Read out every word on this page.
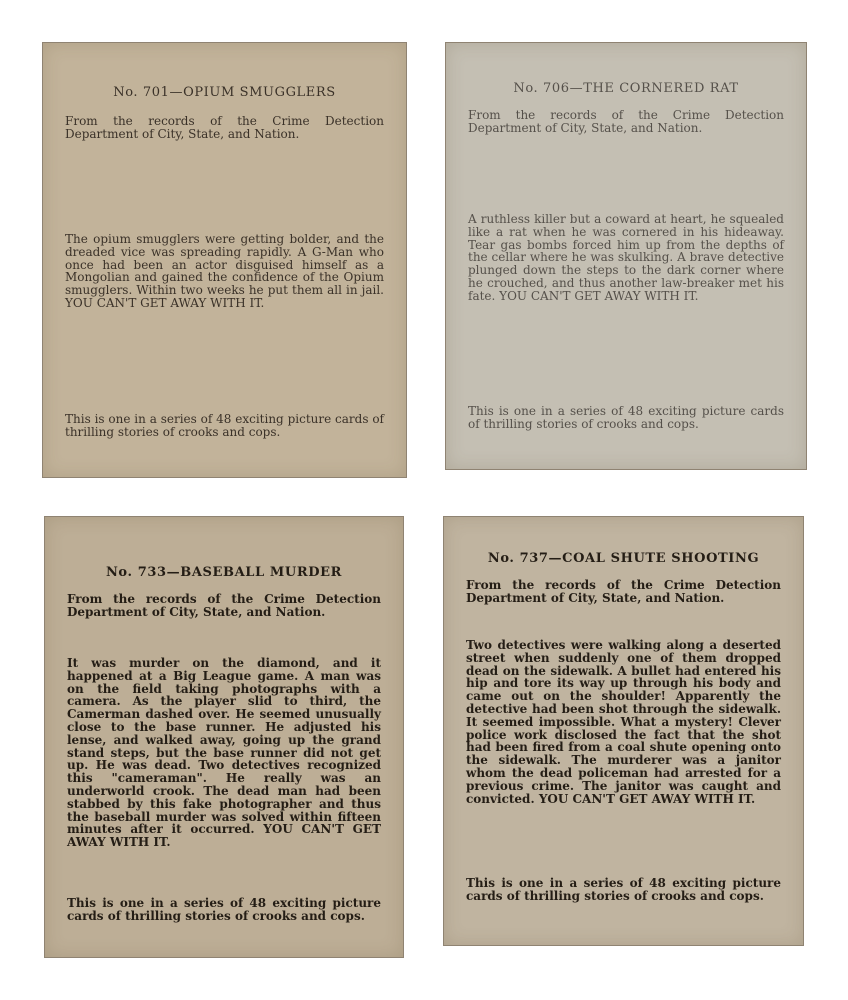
No. 701—OPIUM SMUGGLERS
From the records of the Crime Detection Department of City, State, and Nation.
The opium smugglers were getting bolder, and the dreaded vice was spreading rapidly. A G-Man who once had been an actor disguised himself as a Mongolian and gained the confidence of the Opium smugglers. Within two weeks he put them all in jail. YOU CAN'T GET AWAY WITH IT.
This is one in a series of 48 exciting picture cards of thrilling stories of crooks and cops.
No. 706—THE CORNERED RAT
From the records of the Crime Detection Department of City, State, and Nation.
A ruthless killer but a coward at heart, he squealed like a rat when he was cornered in his hideaway. Tear gas bombs forced him up from the depths of the cellar where he was skulking. A brave detective plunged down the steps to the dark corner where he crouched, and thus another law-breaker met his fate. YOU CAN'T GET AWAY WITH IT.
This is one in a series of 48 exciting picture cards of thrilling stories of crooks and cops.
No. 733—BASEBALL MURDER
From the records of the Crime Detection Department of City, State, and Nation.
It was murder on the diamond, and it happened at a Big League game. A man was on the field taking photographs with a camera. As the player slid to third, the Camerman dashed over. He seemed unusually close to the base runner. He adjusted his lense, and walked away, going up the grand stand steps, but the base runner did not get up. He was dead. Two detectives recognized this "cameraman". He really was an underworld crook. The dead man had been stabbed by this fake photographer and thus the baseball murder was solved within fifteen minutes after it occurred. YOU CAN'T GET AWAY WITH IT.
This is one in a series of 48 exciting picture cards of thrilling stories of crooks and cops.
No. 737—COAL SHUTE SHOOTING
From the records of the Crime Detection Department of City, State, and Nation.
Two detectives were walking along a deserted street when suddenly one of them dropped dead on the sidewalk. A bullet had entered his hip and tore its way up through his body and came out on the shoulder! Apparently the detective had been shot through the sidewalk. It seemed impossible. What a mystery! Clever police work disclosed the fact that the shot had been fired from a coal shute opening onto the sidewalk. The murderer was a janitor whom the dead policeman had arrested for a previous crime. The janitor was caught and convicted. YOU CAN'T GET AWAY WITH IT.
This is one in a series of 48 exciting picture cards of thrilling stories of crooks and cops.
